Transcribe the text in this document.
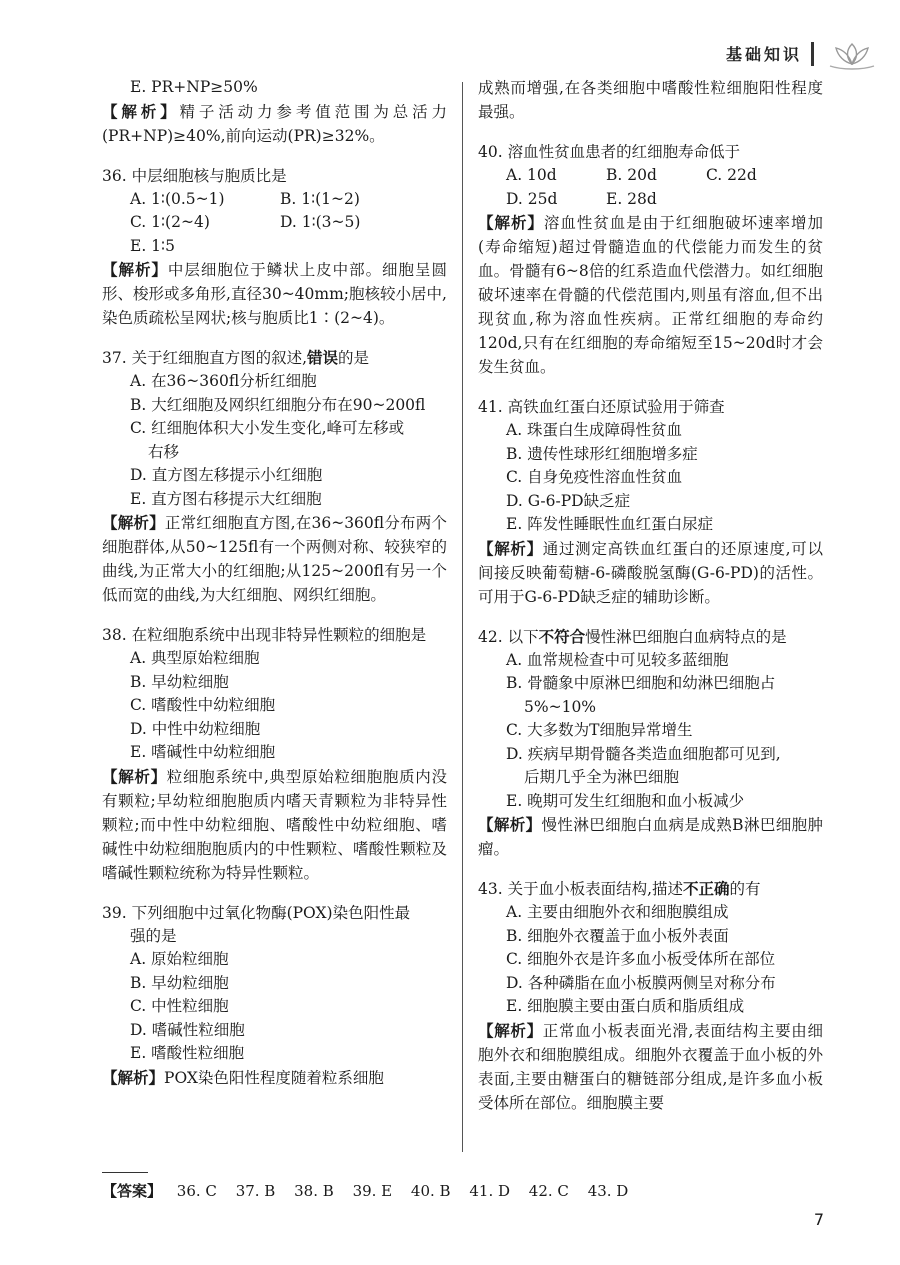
基础知识

E. PR+NP≥50%

【解析】精子活动力参考值范围为总活力(PR+NP)≥40%,前向运动(PR)≥32%。

36. 中层细胞核与胞质比是

A. 1∶(0.5~1)	B. 1∶(1~2)
C. 1∶(2~4)	D. 1∶(3~5)

E. 1∶5

【解析】中层细胞位于鳞状上皮中部。细胞呈圆形、梭形或多角形,直径30~40mm;胞核较小居中,染色质疏松呈网状;核与胞质比1∶(2~4)。

37. 关于红细胞直方图的叙述,错误的是

A. 在36~360fl分析红细胞

B. 大红细胞及网织红细胞分布在90~200fl

C. 红细胞体积大小发生变化,峰可左移或

右移

D. 直方图左移提示小红细胞

E. 直方图右移提示大红细胞

【解析】正常红细胞直方图,在36~360fl分布两个细胞群体,从50~125fl有一个两侧对称、较狭窄的曲线,为正常大小的红细胞;从125~200fl有另一个低而宽的曲线,为大红细胞、网织红细胞。

38. 在粒细胞系统中出现非特异性颗粒的细胞是

A. 典型原始粒细胞

B. 早幼粒细胞

C. 嗜酸性中幼粒细胞

D. 中性中幼粒细胞

E. 嗜碱性中幼粒细胞

【解析】粒细胞系统中,典型原始粒细胞胞质内没有颗粒;早幼粒细胞胞质内嗜天青颗粒为非特异性颗粒;而中性中幼粒细胞、嗜酸性中幼粒细胞、嗜碱性中幼粒细胞胞质内的中性颗粒、嗜酸性颗粒及嗜碱性颗粒统称为特异性颗粒。

39. 下列细胞中过氧化物酶(POX)染色阳性最

强的是

A. 原始粒细胞

B. 早幼粒细胞

C. 中性粒细胞

D. 嗜碱性粒细胞

E. 嗜酸性粒细胞

【解析】POX染色阳性程度随着粒系细胞

成熟而增强,在各类细胞中嗜酸性粒细胞阳性程度最强。

40. 溶血性贫血患者的红细胞寿命低于

A. 10d	B. 20d	C. 22d
D. 25d	E. 28d

【解析】溶血性贫血是由于红细胞破坏速率增加(寿命缩短)超过骨髓造血的代偿能力而发生的贫血。骨髓有6~8倍的红系造血代偿潜力。如红细胞破坏速率在骨髓的代偿范围内,则虽有溶血,但不出现贫血,称为溶血性疾病。正常红细胞的寿命约120d,只有在红细胞的寿命缩短至15~20d时才会发生贫血。

41. 高铁血红蛋白还原试验用于筛查

A. 珠蛋白生成障碍性贫血

B. 遗传性球形红细胞增多症

C. 自身免疫性溶血性贫血

D. G-6-PD缺乏症

E. 阵发性睡眠性血红蛋白尿症

【解析】通过测定高铁血红蛋白的还原速度,可以间接反映葡萄糖-6-磷酸脱氢酶(G-6-PD)的活性。可用于G-6-PD缺乏症的辅助诊断。

42. 以下不符合慢性淋巴细胞白血病特点的是

A. 血常规检查中可见较多蓝细胞

B. 骨髓象中原淋巴细胞和幼淋巴细胞占

5%~10%

C. 大多数为T细胞异常增生

D. 疾病早期骨髓各类造血细胞都可见到,

后期几乎全为淋巴细胞

E. 晚期可发生红细胞和血小板减少

【解析】慢性淋巴细胞白血病是成熟B淋巴细胞肿瘤。

43. 关于血小板表面结构,描述不正确的有

A. 主要由细胞外衣和细胞膜组成

B. 细胞外衣覆盖于血小板外表面

C. 细胞外衣是许多血小板受体所在部位

D. 各种磷脂在血小板膜两侧呈对称分布

E. 细胞膜主要由蛋白质和脂质组成

【解析】正常血小板表面光滑,表面结构主要由细胞外衣和细胞膜组成。细胞外衣覆盖于血小板的外表面,主要由糖蛋白的糖链部分组成,是许多血小板受体所在部位。细胞膜主要

【答案】 36. C 37. B 38. B 39. E 40. B 41. D 42. C 43. D
7
